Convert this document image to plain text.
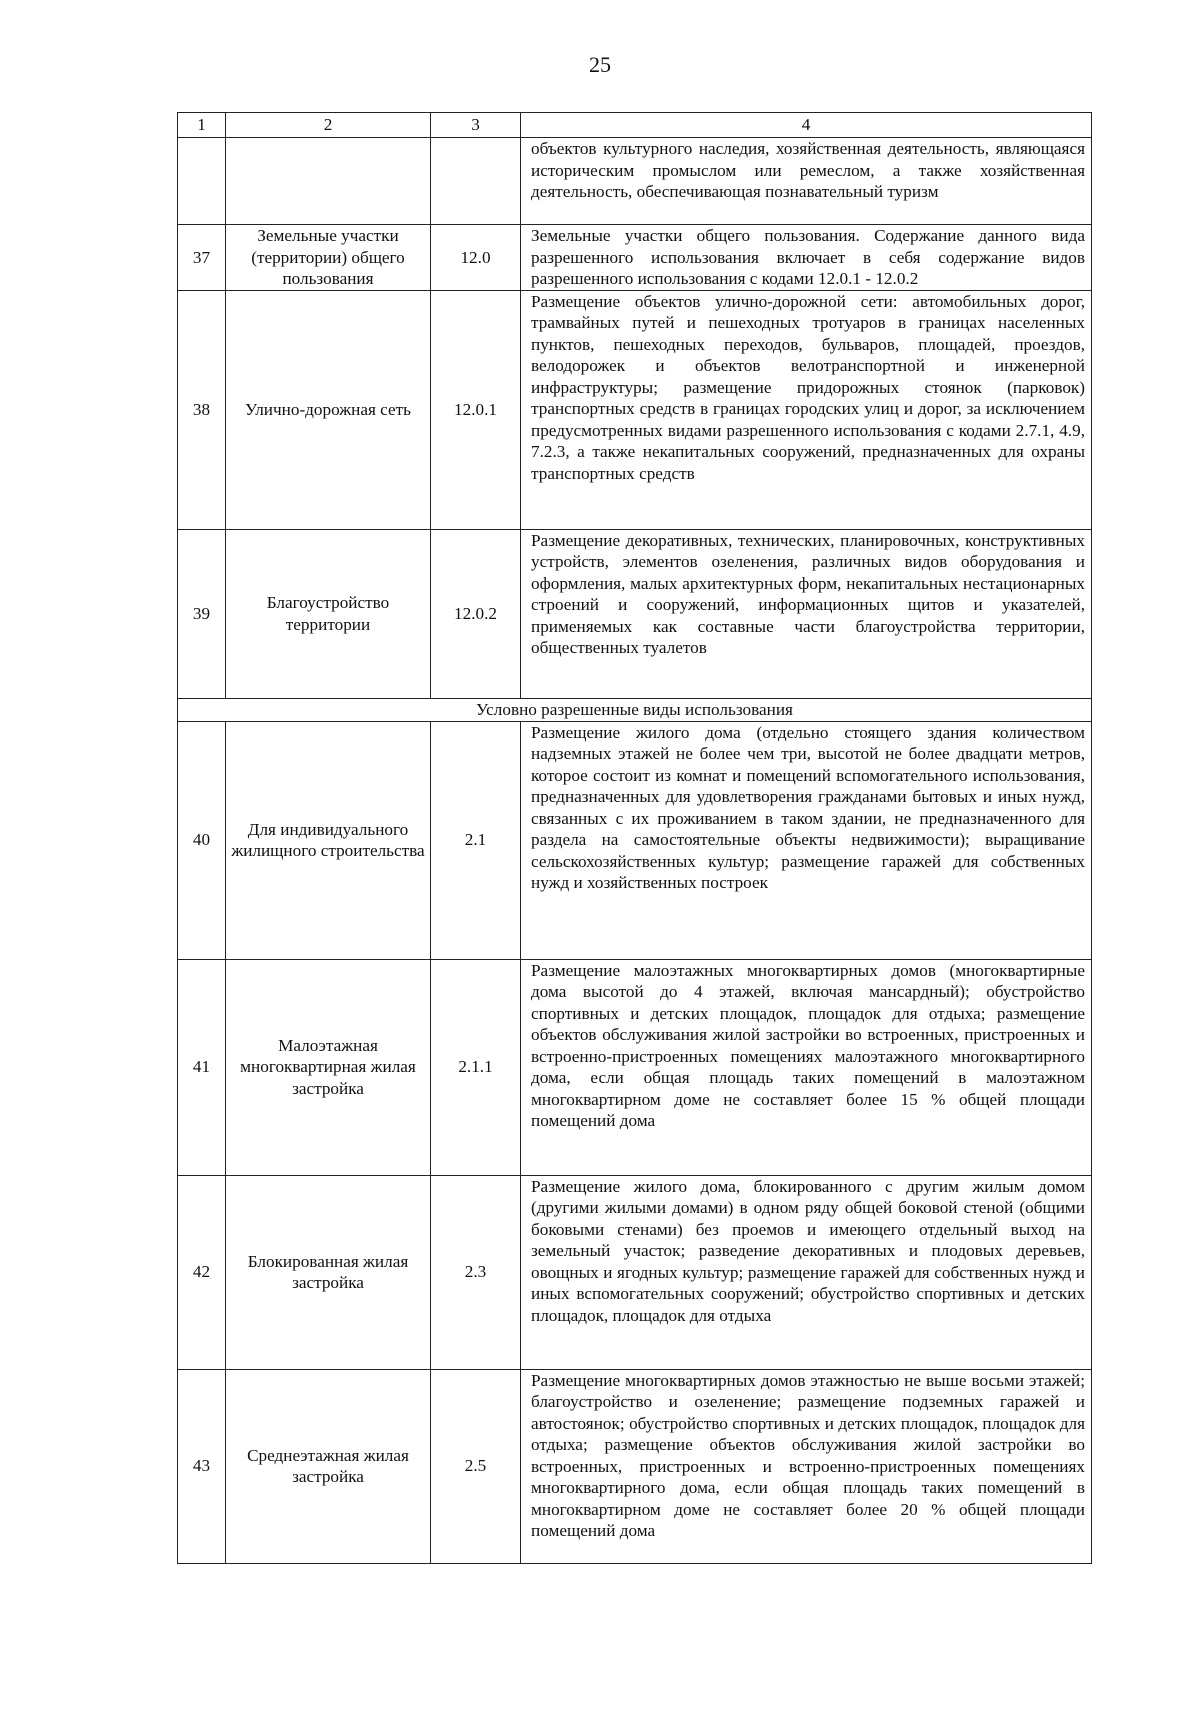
25
1	2	3	4
			объектов культурного наследия, хозяйственная деятельность, являющаяся историческим промыслом или ремеслом, а также хозяйственная деятельность, обеспечивающая познавательный туризм
37	Земельные участки (территории) общего пользования	12.0	Земельные участки общего пользования. Содержание данного вида разрешенного использования включает в себя содержание видов разрешенного использования с кодами 12.0.1 - 12.0.2
38	Улично-дорожная сеть	12.0.1	Размещение объектов улично-дорожной сети: автомобильных дорог, трамвайных путей и пешеходных тротуаров в границах населенных пунктов, пешеходных переходов, бульваров, площадей, проездов, велодорожек и объектов велотранспортной и инженерной инфраструктуры; размещение придорожных стоянок (парковок) транспортных средств в границах городских улиц и дорог, за исключением предусмотренных видами разрешенного использования с кодами 2.7.1, 4.9, 7.2.3, а также некапитальных сооружений, предназначенных для охраны транспортных средств
39	Благоустройство территории	12.0.2	Размещение декоративных, технических, планировочных, конструктивных устройств, элементов озеленения, различных видов оборудования и оформления, малых архитектурных форм, некапитальных нестационарных строений и сооружений, информационных щитов и указателей, применяемых как составные части благоустройства территории, общественных туалетов
Условно разрешенные виды использования			
40	Для индивидуального жилищного строительства	2.1	Размещение жилого дома (отдельно стоящего здания количеством надземных этажей не более чем три, высотой не более двадцати метров, которое состоит из комнат и помещений вспомогательного использования, предназначенных для удовлетворения гражданами бытовых и иных нужд, связанных с их проживанием в таком здании, не предназначенного для раздела на самостоятельные объекты недвижимости); выращивание сельскохозяйственных культур; размещение гаражей для собственных нужд и хозяйственных построек
41	Малоэтажная многоквартирная жилая застройка	2.1.1	Размещение малоэтажных многоквартирных домов (многоквартирные дома высотой до 4 этажей, включая мансардный); обустройство спортивных и детских площадок, площадок для отдыха; размещение объектов обслуживания жилой застройки во встроенных, пристроенных и встроенно-пристроенных помещениях малоэтажного многоквартирного дома, если общая площадь таких помещений в малоэтажном многоквартирном доме не составляет более 15 % общей площади помещений дома
42	Блокированная жилая застройка	2.3	Размещение жилого дома, блокированного с другим жилым домом (другими жилыми домами) в одном ряду общей боковой стеной (общими боковыми стенами) без проемов и имеющего отдельный выход на земельный участок; разведение декоративных и плодовых деревьев, овощных и ягодных культур; размещение гаражей для собственных нужд и иных вспомогательных сооружений; обустройство спортивных и детских площадок, площадок для отдыха
43	Среднеэтажная жилая застройка	2.5	Размещение многоквартирных домов этажностью не выше восьми этажей; благоустройство и озеленение; размещение подземных гаражей и автостоянок; обустройство спортивных и детских площадок, площадок для отдыха; размещение объектов обслуживания жилой застройки во встроенных, пристроенных и встроенно-пристроенных помещениях многоквартирного дома, если общая площадь таких помещений в многоквартирном доме не составляет более 20 % общей площади помещений дома
